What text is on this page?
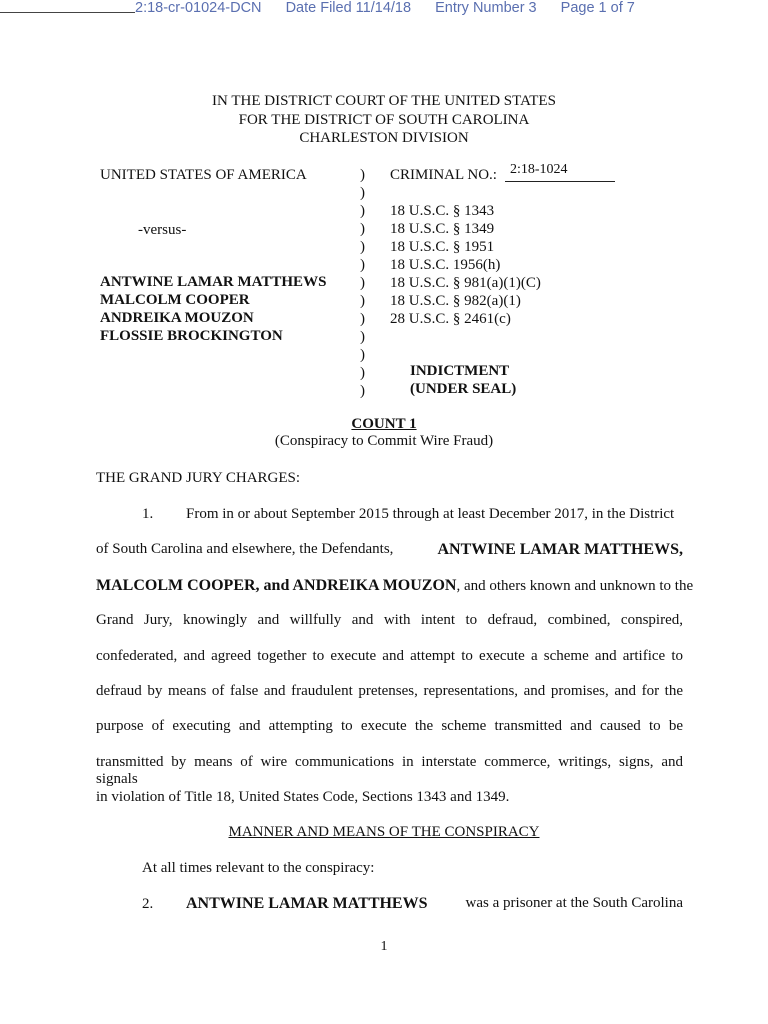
2:18-cr-01024-DCN Date Filed 11/14/18 Entry Number 3 Page 1 of 7
IN THE DISTRICT COURT OF THE UNITED STATES
FOR THE DISTRICT OF SOUTH CAROLINA
CHARLESTON DIVISION
UNITED STATES OF AMERICA
-versus-
ANTWINE LAMAR MATTHEWS
MALCOLM COOPER
ANDREIKA MOUZON
FLOSSIE BROCKINGTON
)
)
)
)
)
)
)
)
)
)
)
)
)
CRIMINAL NO.: 2:18-1024
18 U.S.C. § 1343
18 U.S.C. § 1349
18 U.S.C. § 1951
18 U.S.C. 1956(h)
18 U.S.C. § 981(a)(1)(C)
18 U.S.C. § 982(a)(1)
28 U.S.C. § 2461(c)
INDICTMENT
(UNDER SEAL)
COUNT 1
(Conspiracy to Commit Wire Fraud)
THE GRAND JURY CHARGES:
1. From in or about September 2015 through at least December 2017, in the District
of South Carolina and elsewhere, the Defendants,	ANTWINE LAMAR MATTHEWS,
MALCOLM COOPER, and ANDREIKA MOUZON, and others known and unknown to the
Grand Jury, knowingly and willfully and with intent to defraud, combined, conspired,
confederated, and agreed together to execute and attempt to execute a scheme and artifice to
defraud by means of false and fraudulent pretenses, representations, and promises, and for the
purpose of executing and attempting to execute the scheme transmitted and caused to be
transmitted by means of wire communications in interstate commerce, writings, signs, and signals
in violation of Title 18, United States Code, Sections 1343 and 1349.
MANNER AND MEANS OF THE CONSPIRACY
At all times relevant to the conspiracy:
2. ANTWINE LAMAR MATTHEWS	was a prisoner at the South Carolina
1
